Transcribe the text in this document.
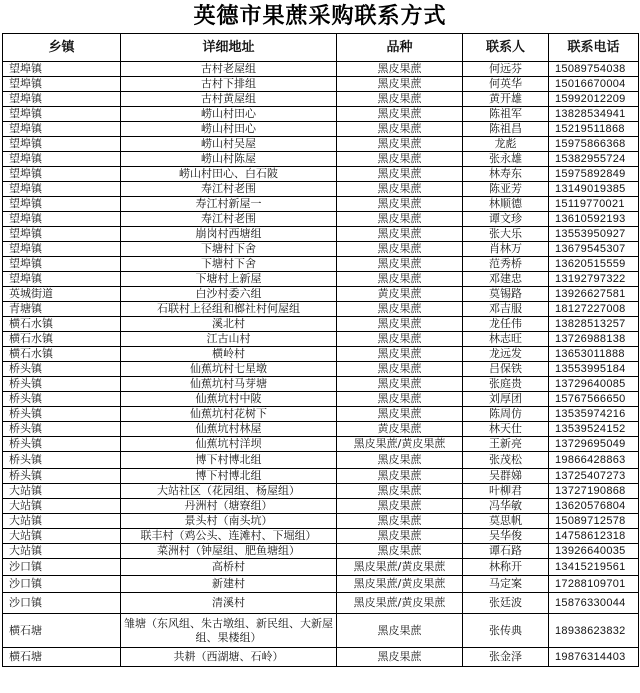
英德市果蔗采购联系方式
乡镇	详细地址	品种	联系人	联系电话
望埠镇	古村老屋组	黑皮果蔗	何远芬	15089754038
望埠镇	古村下排组	黑皮果蔗	何英华	15016670004
望埠镇	古村黄屋组	黑皮果蔗	黄开雄	15992012209
望埠镇	崂山村田心	黑皮果蔗	陈祖军	13828534941
望埠镇	崂山村田心	黑皮果蔗	陈祖昌	15219511868
望埠镇	崂山村吴屋	黑皮果蔗	龙彪	15975866368
望埠镇	崂山村陈屋	黑皮果蔗	张永雄	15382955724
望埠镇	崂山村田心、白石陂	黑皮果蔗	林寿东	15975892849
望埠镇	寿江村老围	黑皮果蔗	陈亚芳	13149019385
望埠镇	寿江村新屋一	黑皮果蔗	林顺德	15119770021
望埠镇	寿江村老围	黑皮果蔗	谭文珍	13610592193
望埠镇	崩岗村西塘组	黑皮果蔗	张大乐	13553950927
望埠镇	下塘村下舍	黑皮果蔗	肖林万	13679545307
望埠镇	下塘村下舍	黑皮果蔗	范秀桥	13620515559
望埠镇	下塘村上新屋	黑皮果蔗	邓建忠	13192797322
英城街道	白沙村委六组	黄皮果蔗	莫锡路	13926627581
青塘镇	石联村上径组和榔社村何屋组	黑皮果蔗	邓吉服	18127227008
横石水镇	溪北村	黑皮果蔗	龙任伟	13828513257
横石水镇	江古山村	黑皮果蔗	林志旺	13726988138
横石水镇	横岭村	黑皮果蔗	龙远发	13653011888
桥头镇	仙蕉坑村七星墩	黑皮果蔗	吕保铁	13553995184
桥头镇	仙蕉坑村马芽塘	黑皮果蔗	张庭贵	13729640085
桥头镇	仙蕉坑村中陂	黑皮果蔗	刘厚团	15767566650
桥头镇	仙蕉坑村花树下	黑皮果蔗	陈周仿	13535974216
桥头镇	仙蕉坑村林屋	黄皮果蔗	林天仕	13539524152
桥头镇	仙蕉坑村洋坝	黑皮果蔗/黄皮果蔗	王新亮	13729695049
桥头镇	博下村博北组	黑皮果蔗	张茂松	19866428863
桥头镇	博下村博北组	黑皮果蔗	吴群娣	13725407273
大站镇	大站社区（花园组、杨屋组）	黑皮果蔗	叶柳君	13727190868
大站镇	丹洲村（塘寮组）	黑皮果蔗	冯华敏	13620576804
大站镇	景头村（南头坑）	黑皮果蔗	莫思帆	15089712578
大站镇	联丰村（鸡公头、连滩村、下堀组）	黑皮果蔗	吴华俊	14758612318
大站镇	菜洲村（钟屋组、肥鱼塘组）	黑皮果蔗	谭石路	13926640035
沙口镇	高桥村	黑皮果蔗/黄皮果蔗	林称开	13415219561
沙口镇	新建村	黑皮果蔗/黄皮果蔗	马定案	17288109701
沙口镇	清溪村	黑皮果蔗/黄皮果蔗	张廷波	15876330044
横石塘	雏塘（东风组、朱古墩组、新民组、大新屋组、果楼组）	黑皮果蔗	张传典	18938623832
横石塘	共耕（西湖塘、石岭）	黑皮果蔗	张金泽	19876314403
